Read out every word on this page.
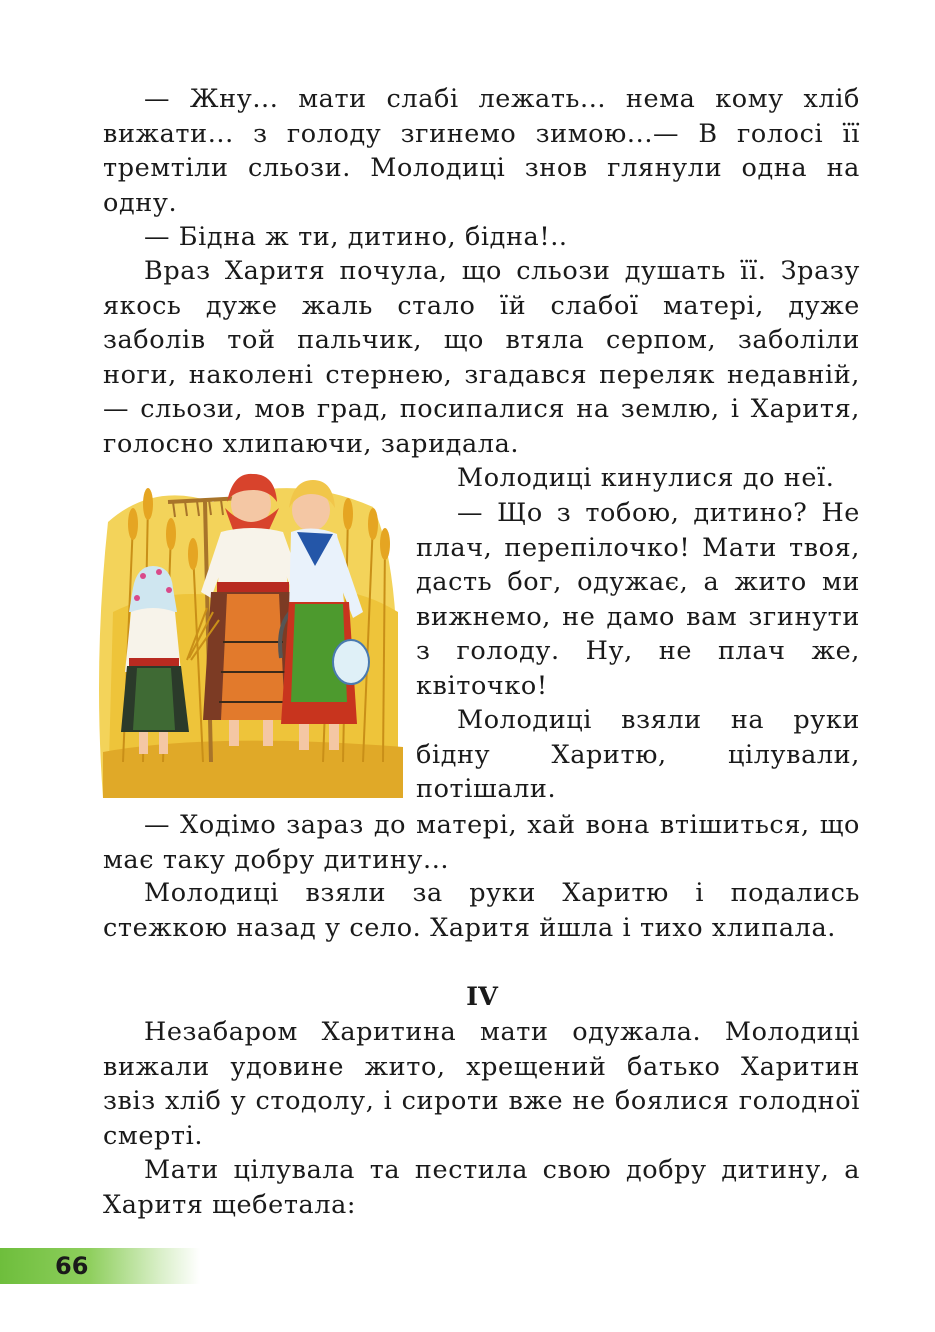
— Жну... мати слабі лежать... нема кому хліб вижати... з голоду згинемо зимою...— В голосі її тремтіли сльози. Молодиці знов глянули одна на одну.

— Бідна ж ти, дитино, бідна!..

Враз Харитя почула, що сльози душать її. Зразу якось дуже жаль стало їй слабої матері, дуже заболів той пальчик, що втяла серпом, заболіли ноги, наколені стернею, згадався переляк недавній,— сльози, мов град, посипалися на землю, і Харитя, голосно хлипаючи, заридала.

Молодиці кинулися до неї.

— Що з тобою, дитино? Не плач, перепілочко! Мати твоя, дасть бог, одужає, а жито ми вижнемо, не дамо вам згинути з голоду. Ну, не плач же, квіточко!

Молодиці взяли на руки бідну Харитю, цілували, потішали.

— Ходімо зараз до матері, хай вона втішиться, що має таку добру дитину...

Молодиці взяли за руки Харитю і подались стежкою назад у село. Харитя йшла і тихо хлипала.

IV

Незабаром Харитина мати одужала. Молодиці вижали удовине жито, хрещений батько Харитин звіз хліб у стодолу, і сироти вже не боялися голодної смерті.

Мати цілувала та пестила свою добру дитину, а Харитя щебетала:

66
